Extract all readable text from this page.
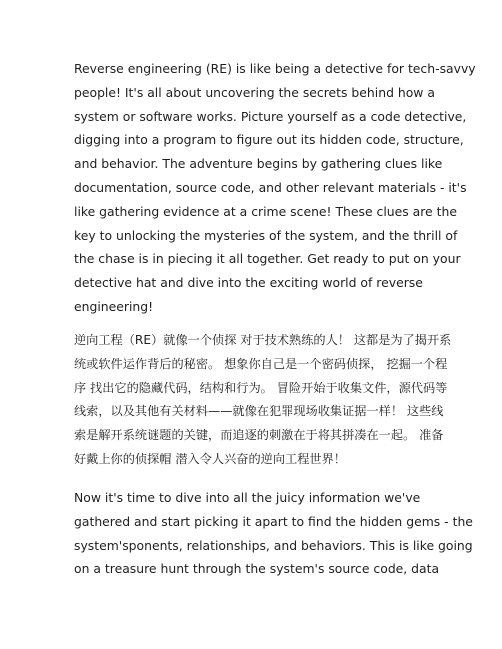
Reverse engineering (RE) is like being a detective for tech-savvy
people! It's all about uncovering the secrets behind how a
system or software works. Picture yourself as a code detective,
digging into a program to figure out its hidden code, structure,
and behavior. The adventure begins by gathering clues like
documentation, source code, and other relevant materials - it's
like gathering evidence at a crime scene! These clues are the
key to unlocking the mysteries of the system, and the thrill of
the chase is in piecing it all together. Get ready to put on your
detective hat and dive into the exciting world of reverse
engineering!

逆向工程（RE）就像一个侦探 对于技术熟练的人！ 这都是为了揭开系
统或软件运作背后的秘密。 想象你自己是一个密码侦探， 挖掘一个程
序 找出它的隐藏代码，结构和行为。 冒险开始于收集文件，源代码等
线索，以及其他有关材料——就像在犯罪现场收集证据一样！ 这些线
索是解开系统谜题的关键，而追逐的刺激在于将其拼凑在一起。 准备
好戴上你的侦探帽 潜入令人兴奋的逆向工程世界！

Now it's time to dive into all the juicy information we've
gathered and start picking it apart to find the hidden gems - the
system'sponents, relationships, and behaviors. This is like going
on a treasure hunt through the system's source code, data
